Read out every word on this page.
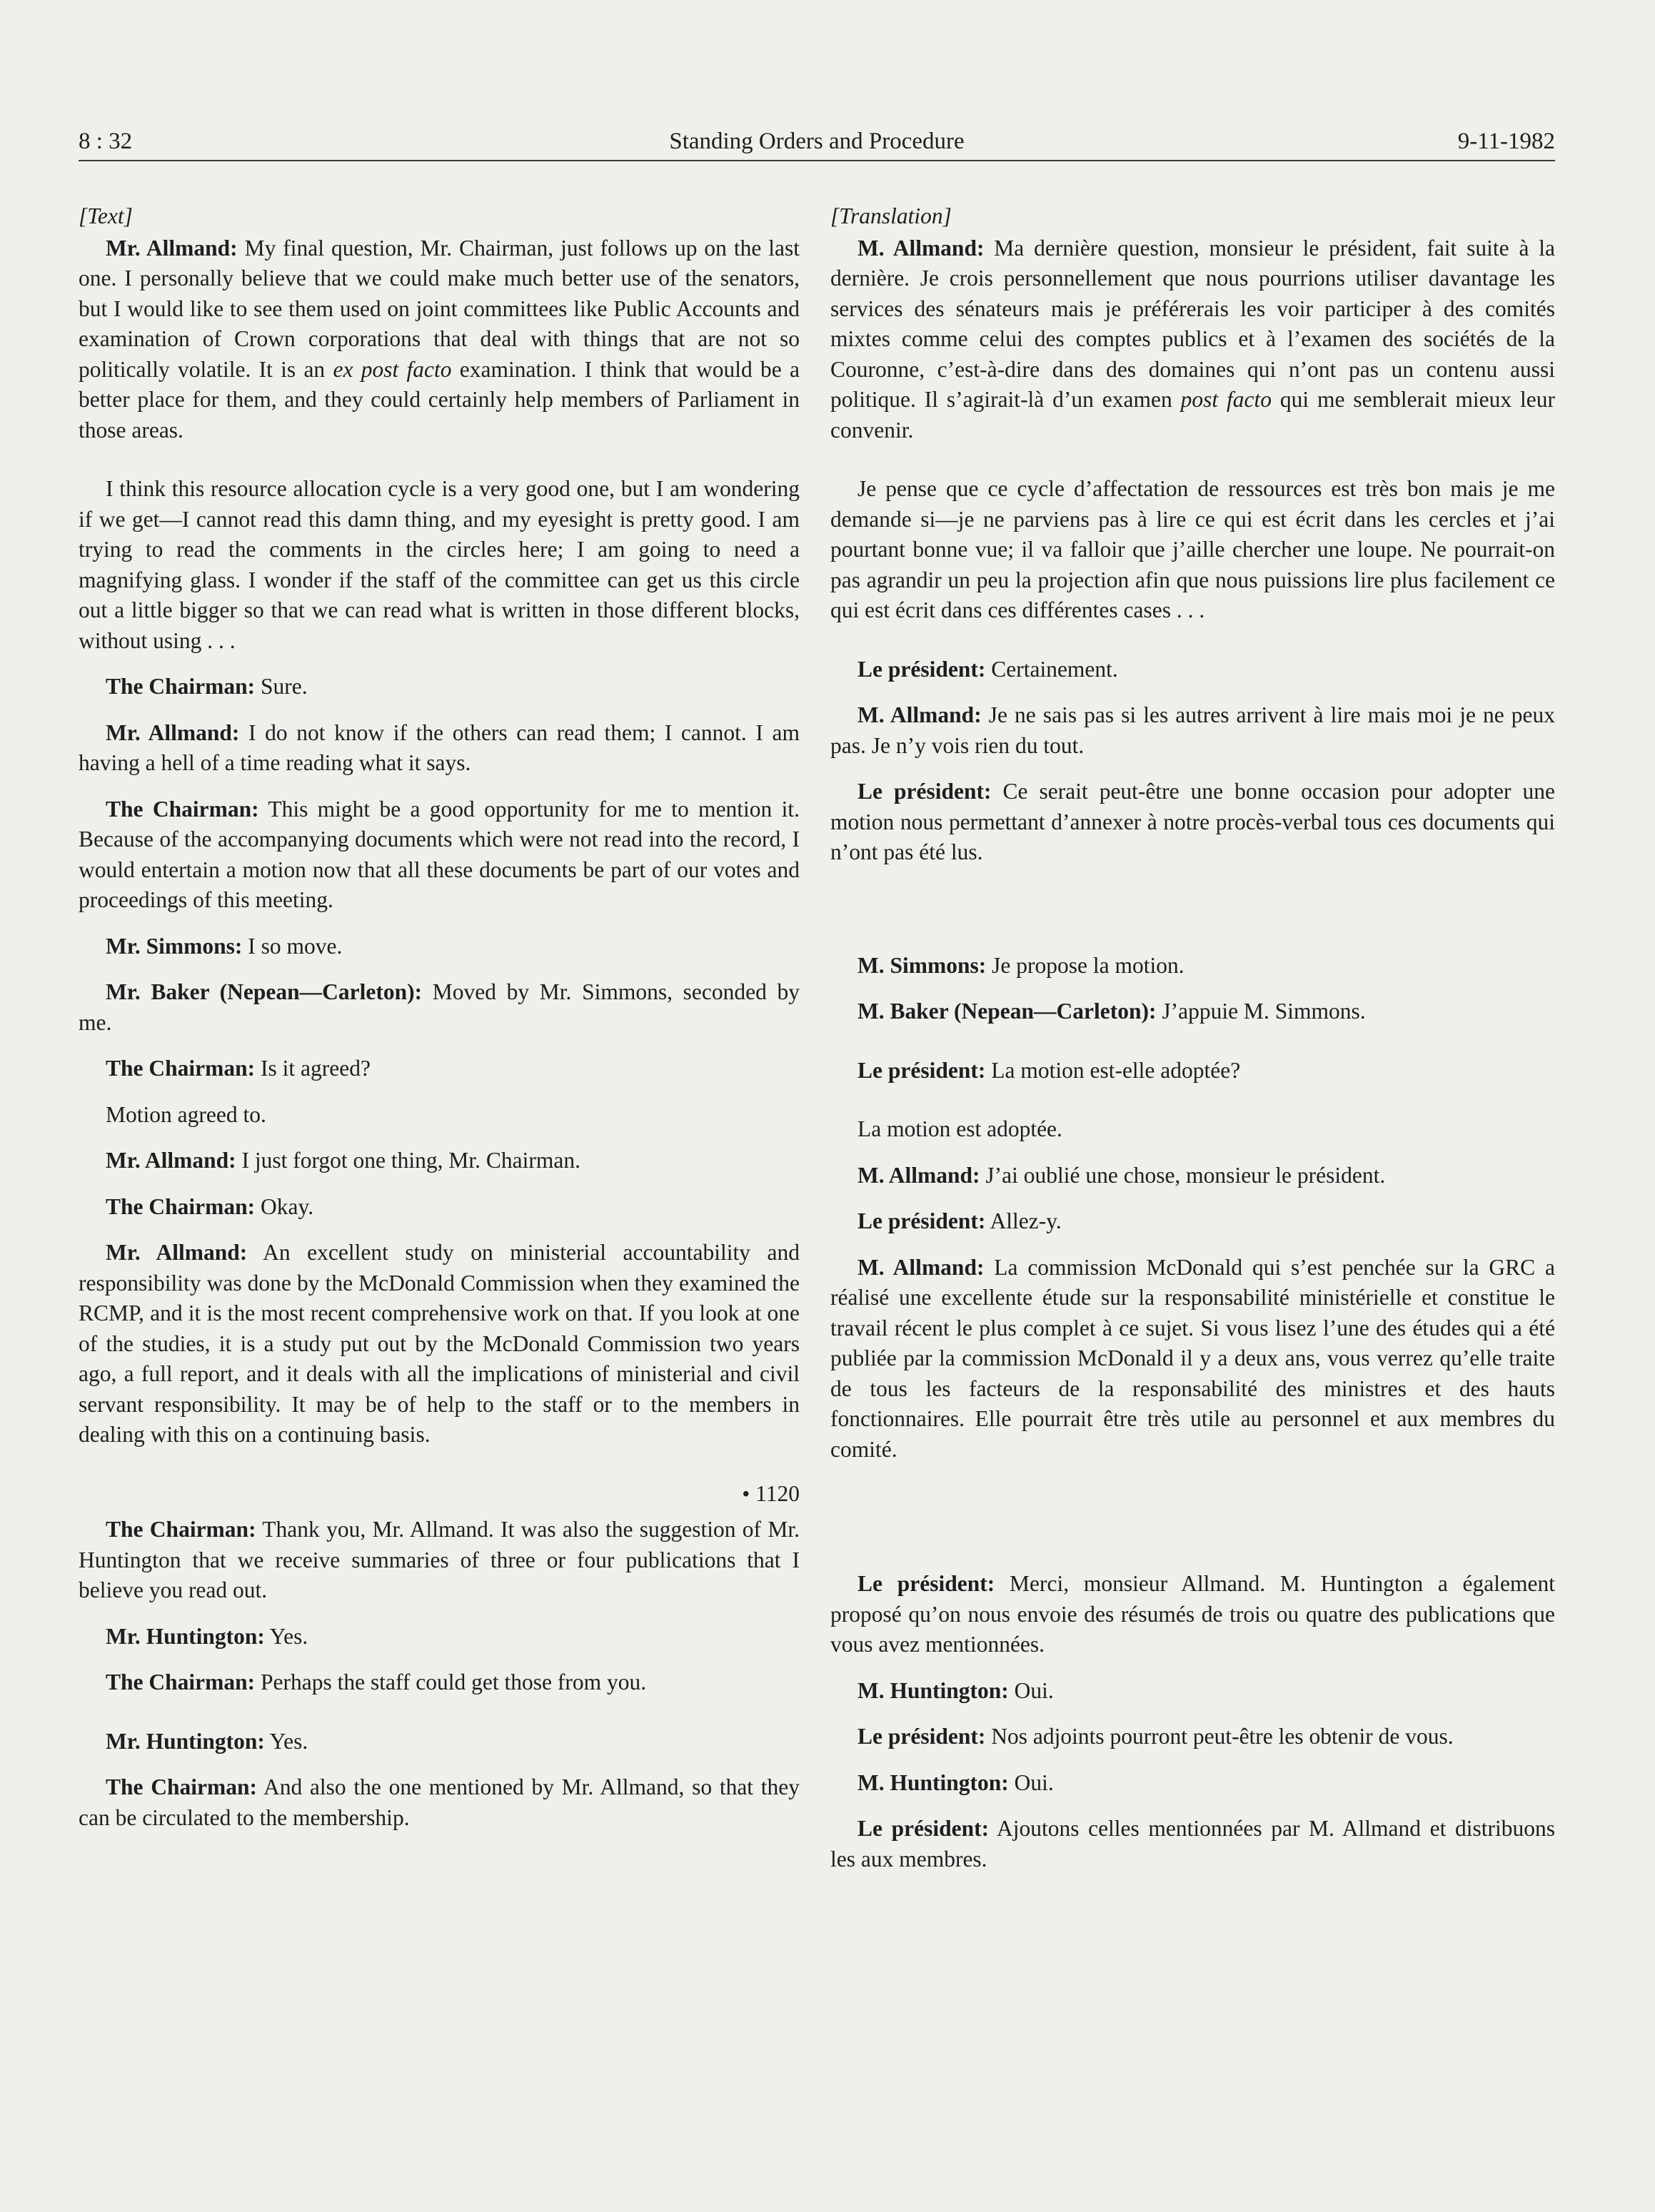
8 : 32	Standing Orders and Procedure	9-11-1982
[Text]

Mr. Allmand: My final question, Mr. Chairman, just follows up on the last one. I personally believe that we could make much better use of the senators, but I would like to see them used on joint committees like Public Accounts and examination of Crown corporations that deal with things that are not so politically volatile. It is an ex post facto examination. I think that would be a better place for them, and they could certainly help members of Parliament in those areas.

I think this resource allocation cycle is a very good one, but I am wondering if we get—I cannot read this damn thing, and my eyesight is pretty good. I am trying to read the comments in the circles here; I am going to need a magnifying glass. I wonder if the staff of the committee can get us this circle out a little bigger so that we can read what is written in those different blocks, without using . . .

The Chairman: Sure.

Mr. Allmand: I do not know if the others can read them; I cannot. I am having a hell of a time reading what it says.

The Chairman: This might be a good opportunity for me to mention it. Because of the accompanying documents which were not read into the record, I would entertain a motion now that all these documents be part of our votes and proceedings of this meeting.

Mr. Simmons: I so move.

Mr. Baker (Nepean—Carleton): Moved by Mr. Simmons, seconded by me.

The Chairman: Is it agreed?

Motion agreed to.

Mr. Allmand: I just forgot one thing, Mr. Chairman.

The Chairman: Okay.

Mr. Allmand: An excellent study on ministerial accountability and responsibility was done by the McDonald Commission when they examined the RCMP, and it is the most recent comprehensive work on that. If you look at one of the studies, it is a study put out by the McDonald Commission two years ago, a full report, and it deals with all the implications of ministerial and civil servant responsibility. It may be of help to the staff or to the members in dealing with this on a continuing basis.

• 1120

The Chairman: Thank you, Mr. Allmand. It was also the suggestion of Mr. Huntington that we receive summaries of three or four publications that I believe you read out.

Mr. Huntington: Yes.

The Chairman: Perhaps the staff could get those from you.

Mr. Huntington: Yes.

The Chairman: And also the one mentioned by Mr. Allmand, so that they can be circulated to the membership.

[Translation]

M. Allmand: Ma dernière question, monsieur le président, fait suite à la dernière. Je crois personnellement que nous pourrions utiliser davantage les services des sénateurs mais je préférerais les voir participer à des comités mixtes comme celui des comptes publics et à l’examen des sociétés de la Couronne, c’est-à-dire dans des domaines qui n’ont pas un contenu aussi politique. Il s’agirait-là d’un examen post facto qui me semblerait mieux leur convenir.

Je pense que ce cycle d’affectation de ressources est très bon mais je me demande si—je ne parviens pas à lire ce qui est écrit dans les cercles et j’ai pourtant bonne vue; il va falloir que j’aille chercher une loupe. Ne pourrait-on pas agrandir un peu la projection afin que nous puissions lire plus facilement ce qui est écrit dans ces différentes cases . . .

Le président: Certainement.

M. Allmand: Je ne sais pas si les autres arrivent à lire mais moi je ne peux pas. Je n’y vois rien du tout.

Le président: Ce serait peut-être une bonne occasion pour adopter une motion nous permettant d’annexer à notre procès-verbal tous ces documents qui n’ont pas été lus.

M. Simmons: Je propose la motion.

M. Baker (Nepean—Carleton): J’appuie M. Simmons.

Le président: La motion est-elle adoptée?

La motion est adoptée.

M. Allmand: J’ai oublié une chose, monsieur le président.

Le président: Allez-y.

M. Allmand: La commission McDonald qui s’est penchée sur la GRC a réalisé une excellente étude sur la responsabilité ministérielle et constitue le travail récent le plus complet à ce sujet. Si vous lisez l’une des études qui a été publiée par la commission McDonald il y a deux ans, vous verrez qu’elle traite de tous les facteurs de la responsabilité des ministres et des hauts fonctionnaires. Elle pourrait être très utile au personnel et aux membres du comité.

Le président: Merci, monsieur Allmand. M. Huntington a également proposé qu’on nous envoie des résumés de trois ou quatre des publications que vous avez mentionnées.

M. Huntington: Oui.

Le président: Nos adjoints pourront peut-être les obtenir de vous.

M. Huntington: Oui.

Le président: Ajoutons celles mentionnées par M. Allmand et distribuons les aux membres.
